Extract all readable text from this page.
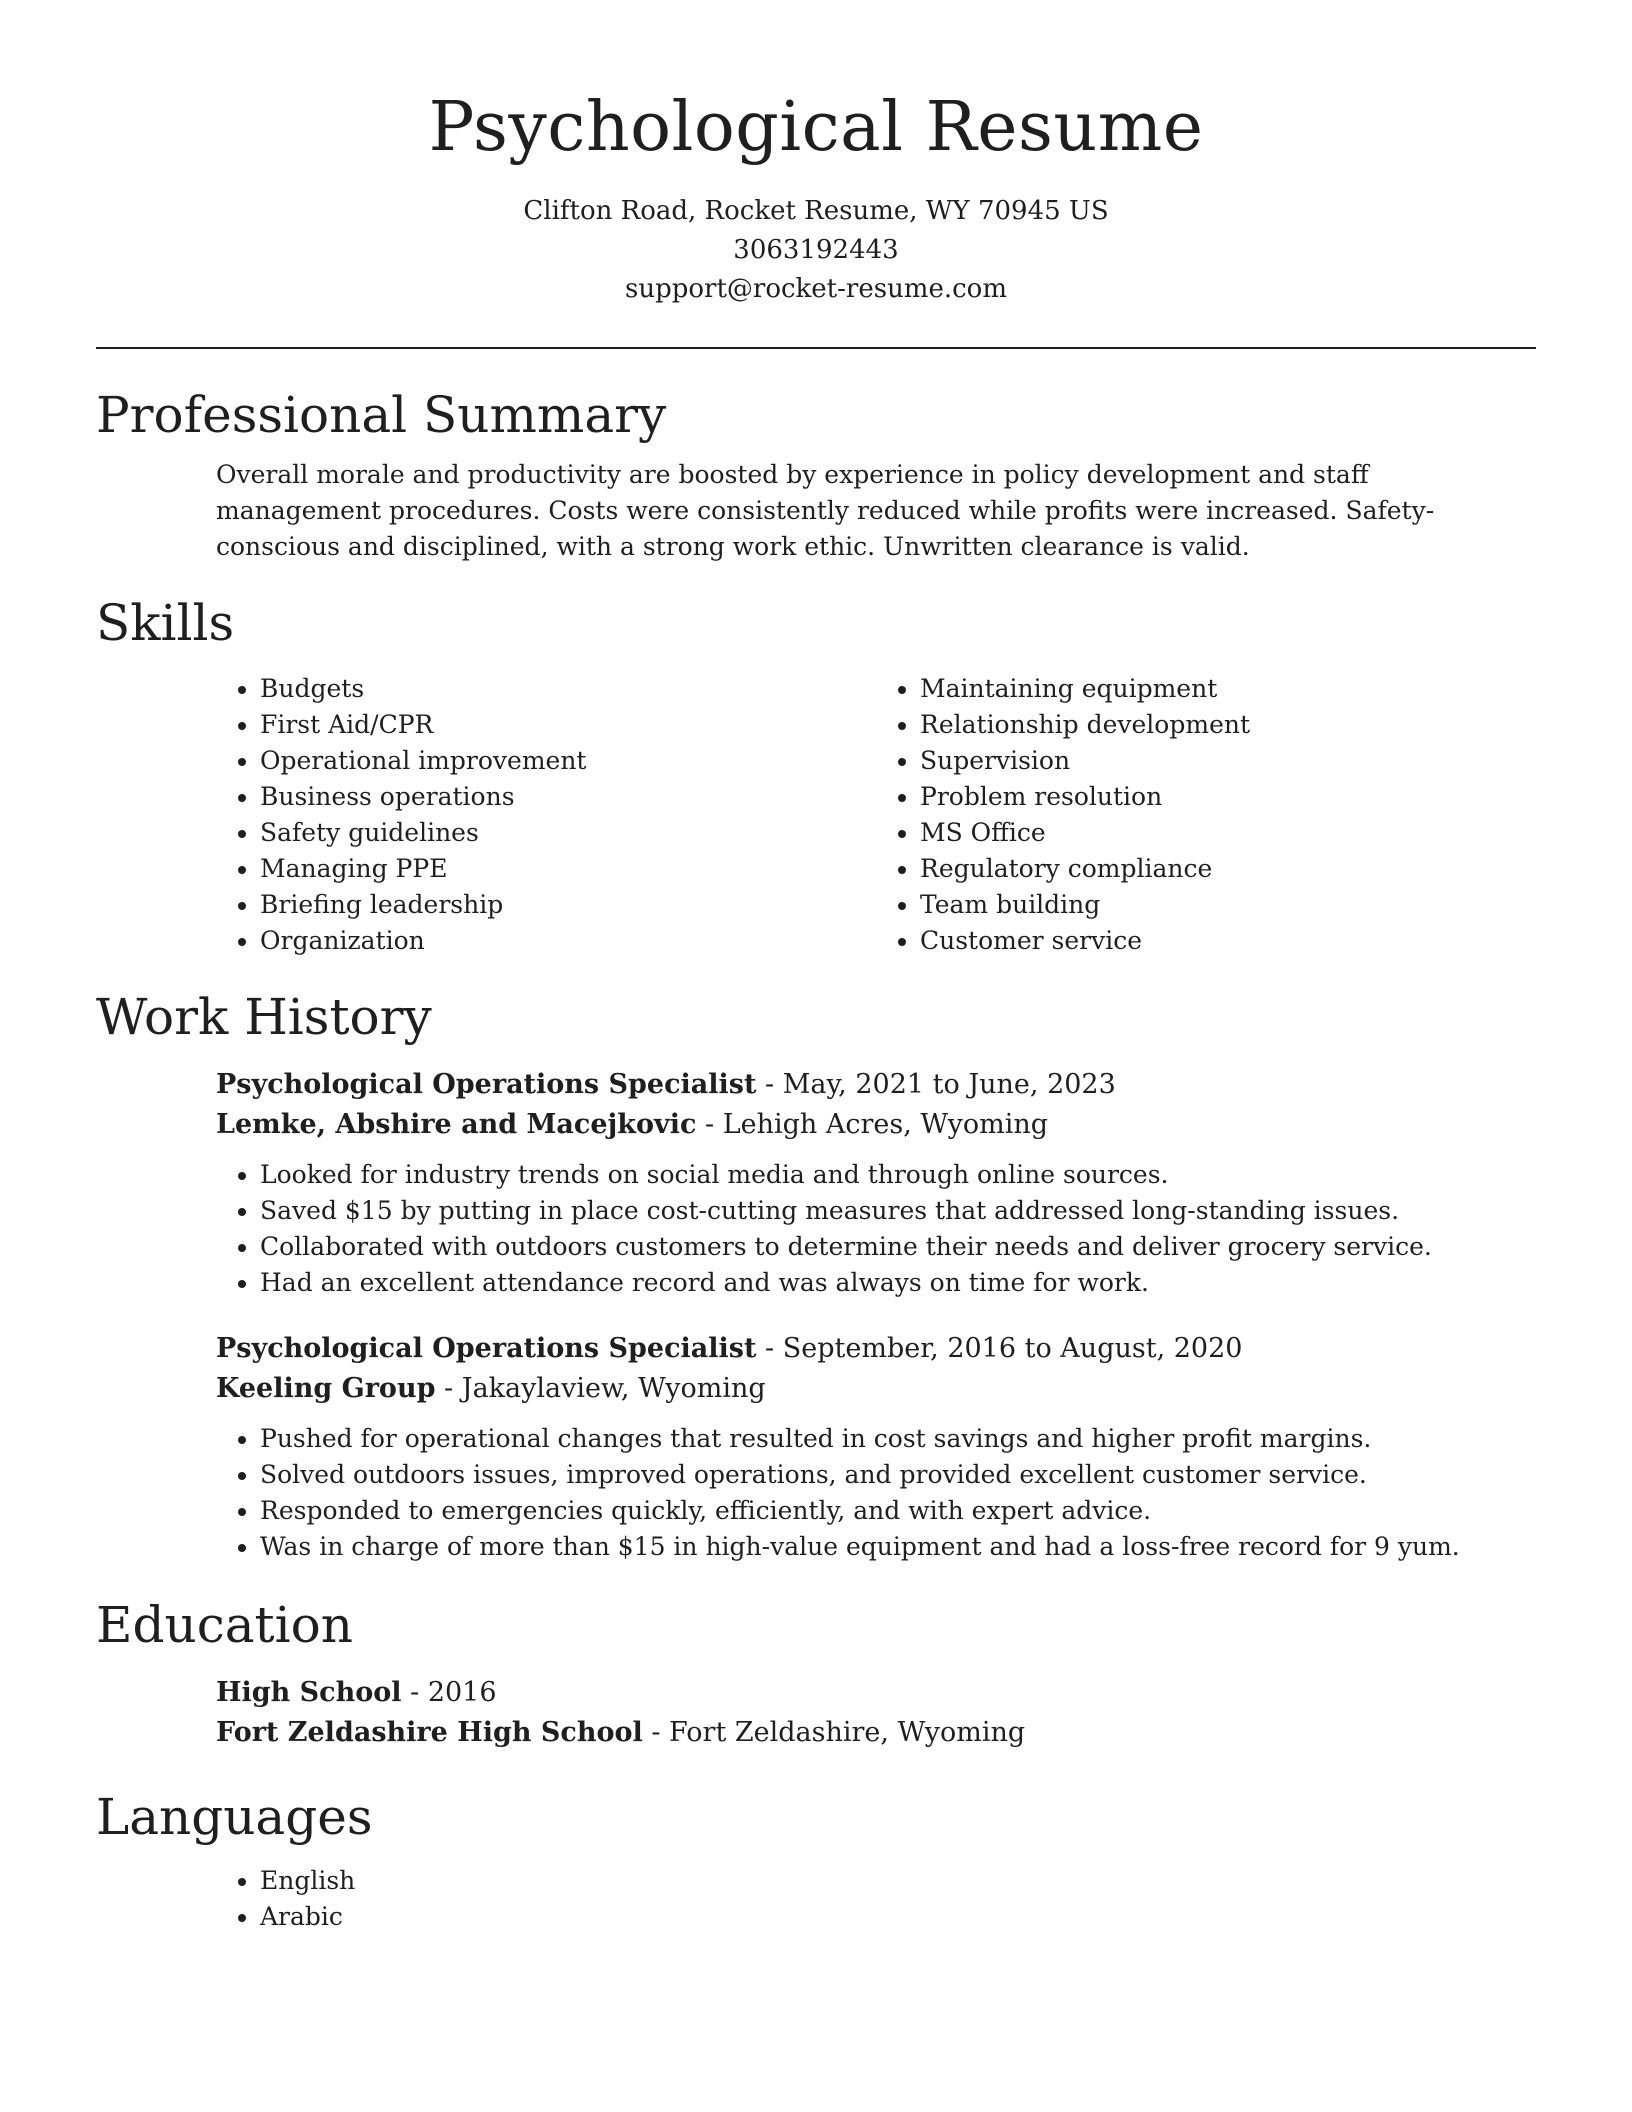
Psychological Resume
Clifton Road, Rocket Resume, WY 70945 US
3063192443
support@rocket-resume.com
Professional Summary

Overall morale and productivity are boosted by experience in policy development and staff management procedures. Costs were consistently reduced while profits were increased. Safety-conscious and disciplined, with a strong work ethic. Unwritten clearance is valid.

Skills
• Budgets
• First Aid/CPR
• Operational improvement
• Business operations
• Safety guidelines
• Managing PPE
• Briefing leadership
• Organization
• Maintaining equipment
• Relationship development
• Supervision
• Problem resolution
• MS Office
• Regulatory compliance
• Team building
• Customer service
Work History
Psychological Operations Specialist - May, 2021 to June, 2023
Lemke, Abshire and Macejkovic - Lehigh Acres, Wyoming
• Looked for industry trends on social media and through online sources.
• Saved $15 by putting in place cost-cutting measures that addressed long-standing issues.
• Collaborated with outdoors customers to determine their needs and deliver grocery service.
• Had an excellent attendance record and was always on time for work.
Psychological Operations Specialist - September, 2016 to August, 2020
Keeling Group - Jakaylaview, Wyoming
• Pushed for operational changes that resulted in cost savings and higher profit margins.
• Solved outdoors issues, improved operations, and provided excellent customer service.
• Responded to emergencies quickly, efficiently, and with expert advice.
• Was in charge of more than $15 in high-value equipment and had a loss-free record for 9 yum.
Education
High School - 2016
Fort Zeldashire High School - Fort Zeldashire, Wyoming
Languages
• English
• Arabic
